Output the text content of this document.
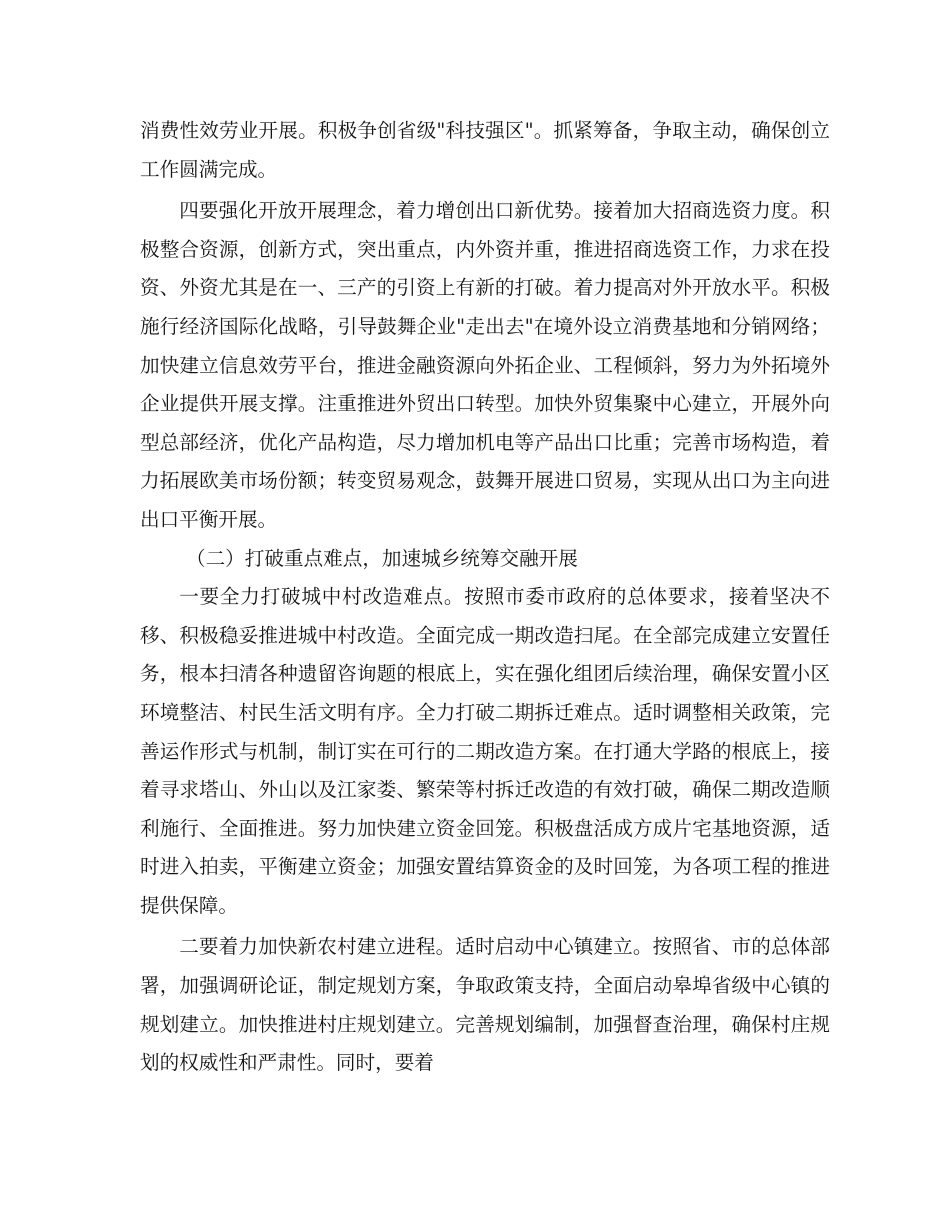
消费性效劳业开展。积极争创省级"科技强区"。抓紧筹备，争取主动，确保创立工作圆满完成。

四要强化开放开展理念，着力增创出口新优势。接着加大招商选资力度。积极整合资源，创新方式，突出重点，内外资并重，推进招商选资工作，力求在投资、外资尤其是在一、三产的引资上有新的打破。着力提高对外开放水平。积极施行经济国际化战略，引导鼓舞企业"走出去"在境外设立消费基地和分销网络；加快建立信息效劳平台，推进金融资源向外拓企业、工程倾斜，努力为外拓境外企业提供开展支撑。注重推进外贸出口转型。加快外贸集聚中心建立，开展外向型总部经济，优化产品构造，尽力增加机电等产品出口比重；完善市场构造，着力拓展欧美市场份额；转变贸易观念，鼓舞开展进口贸易，实现从出口为主向进出口平衡开展。

（二）打破重点难点，加速城乡统筹交融开展

一要全力打破城中村改造难点。按照市委市政府的总体要求，接着坚决不移、积极稳妥推进城中村改造。全面完成一期改造扫尾。在全部完成建立安置任务，根本扫清各种遗留咨询题的根底上，实在强化组团后续治理，确保安置小区环境整洁、村民生活文明有序。全力打破二期拆迁难点。适时调整相关政策，完善运作形式与机制，制订实在可行的二期改造方案。在打通大学路的根底上，接着寻求塔山、外山以及江家娄、繁荣等村拆迁改造的有效打破，确保二期改造顺利施行、全面推进。努力加快建立资金回笼。积极盘活成方成片宅基地资源，适时进入拍卖，平衡建立资金；加强安置结算资金的及时回笼，为各项工程的推进提供保障。

二要着力加快新农村建立进程。适时启动中心镇建立。按照省、市的总体部署，加强调研论证，制定规划方案，争取政策支持，全面启动皋埠省级中心镇的规划建立。加快推进村庄规划建立。完善规划编制，加强督查治理，确保村庄规划的权威性和严肃性。同时，要着
